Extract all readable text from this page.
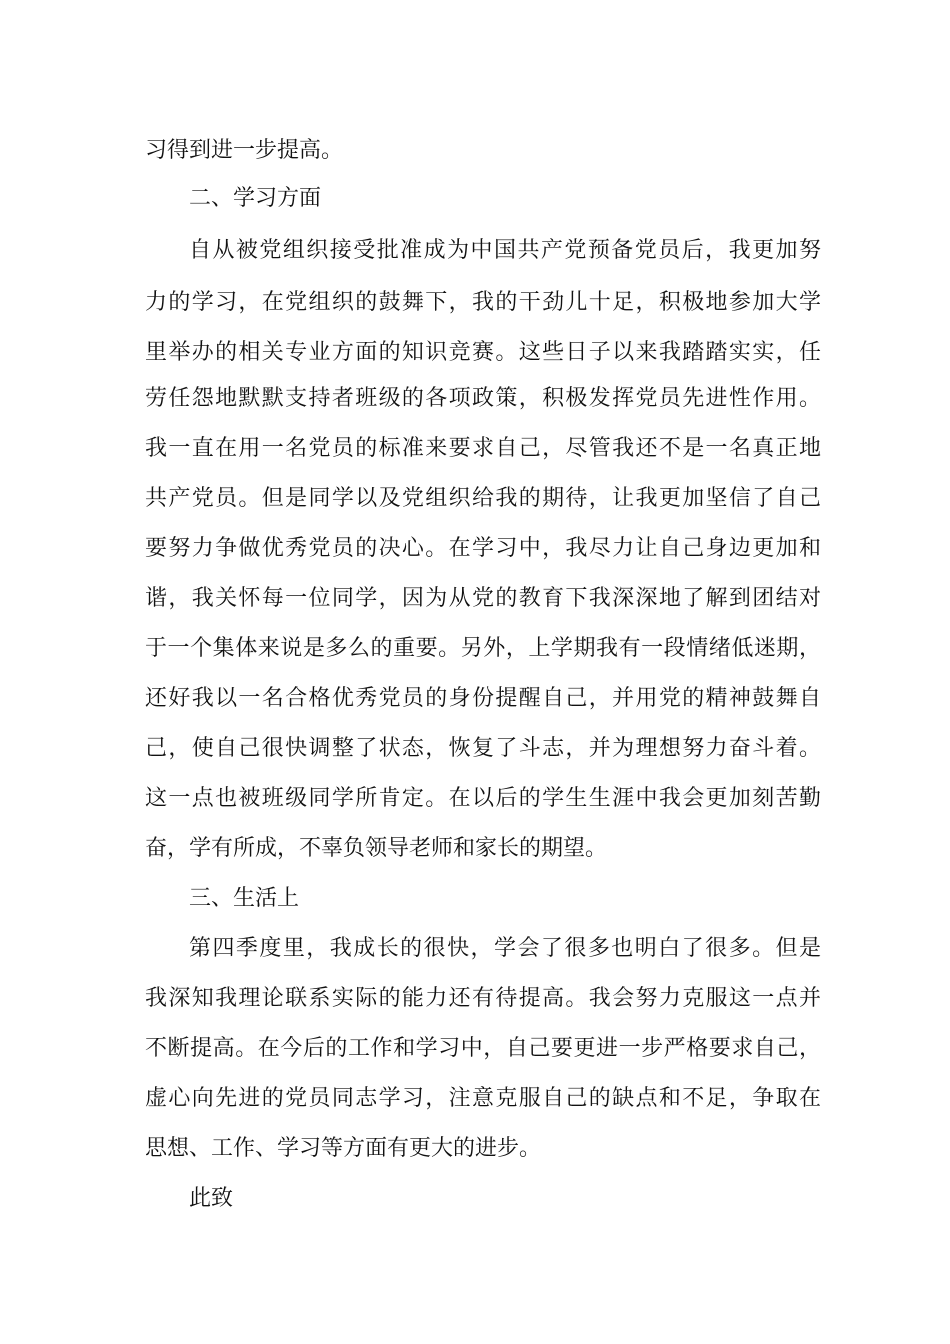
习得到进一步提高。
二、学习方面
自从被党组织接受批准成为中国共产党预备党员后，我更加努
力的学习，在党组织的鼓舞下，我的干劲儿十足，积极地参加大学
里举办的相关专业方面的知识竞赛。这些日子以来我踏踏实实，任
劳任怨地默默支持者班级的各项政策，积极发挥党员先进性作用。
我一直在用一名党员的标准来要求自己，尽管我还不是一名真正地
共产党员。但是同学以及党组织给我的期待，让我更加坚信了自己
要努力争做优秀党员的决心。在学习中，我尽力让自己身边更加和
谐，我关怀每一位同学，因为从党的教育下我深深地了解到团结对
于一个集体来说是多么的重要。另外，上学期我有一段情绪低迷期，
还好我以一名合格优秀党员的身份提醒自己，并用党的精神鼓舞自
己，使自己很快调整了状态，恢复了斗志，并为理想努力奋斗着。
这一点也被班级同学所肯定。在以后的学生生涯中我会更加刻苦勤
奋，学有所成，不辜负领导老师和家长的期望。
三、生活上
第四季度里，我成长的很快，学会了很多也明白了很多。但是
我深知我理论联系实际的能力还有待提高。我会努力克服这一点并
不断提高。在今后的工作和学习中，自己要更进一步严格要求自己，
虚心向先进的党员同志学习，注意克服自己的缺点和不足，争取在
思想、工作、学习等方面有更大的进步。
此致
